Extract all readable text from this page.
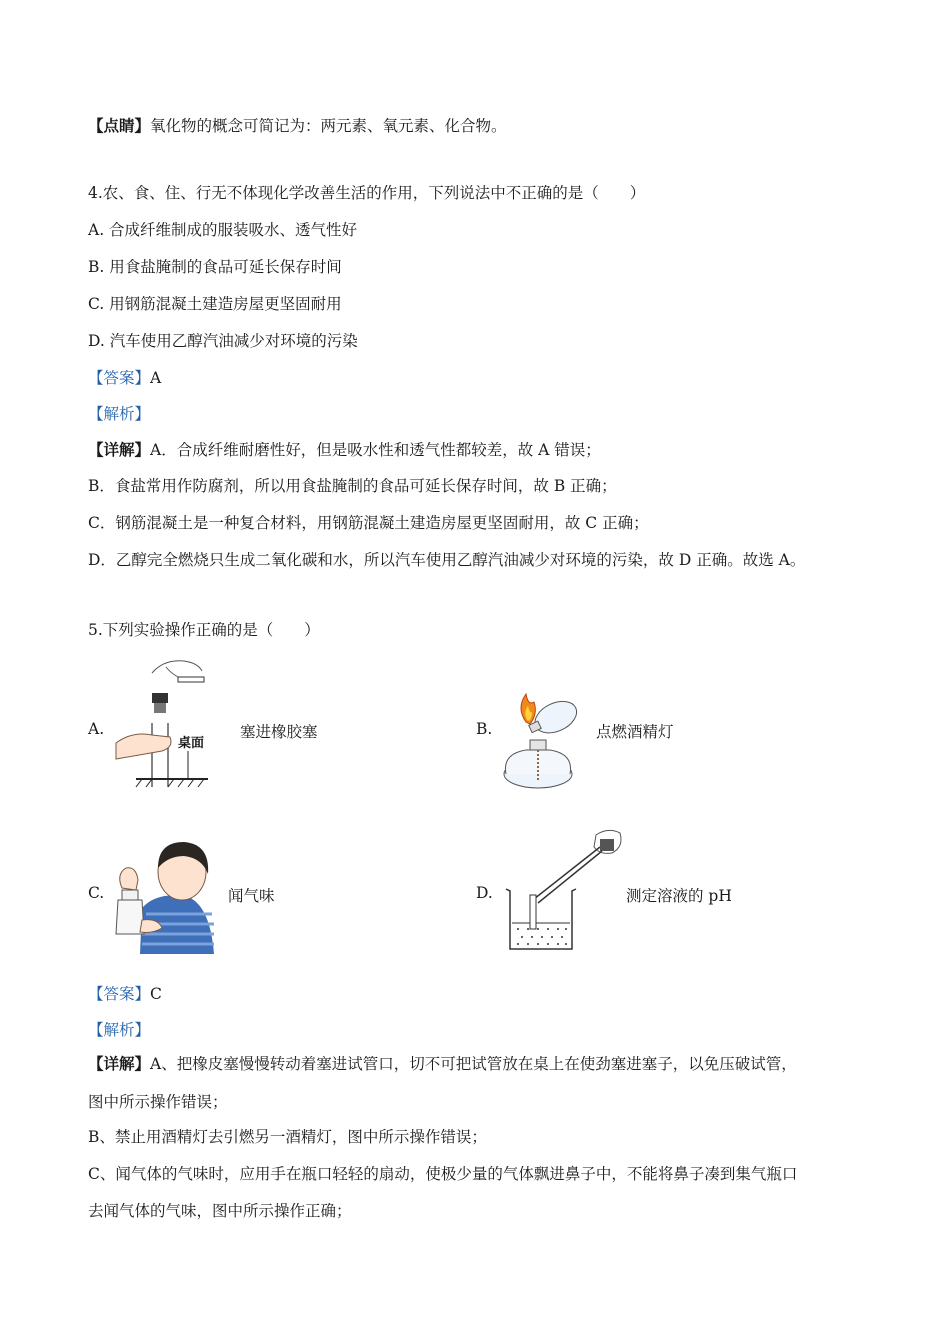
【点睛】氧化物的概念可简记为：两元素、氧元素、化合物。
4.农、食、住、行无不体现化学改善生活的作用，下列说法中不正确的是（　　）
A. 合成纤维制成的服装吸水、透气性好
B. 用食盐腌制的食品可延长保存时间
C. 用钢筋混凝土建造房屋更坚固耐用
D. 汽车使用乙醇汽油减少对环境的污染
【答案】A
【解析】
【详解】A．合成纤维耐磨性好，但是吸水性和透气性都较差，故 A 错误；
B．食盐常用作防腐剂，所以用食盐腌制的食品可延长保存时间，故 B 正确；
C．钢筋混凝土是一种复合材料，用钢筋混凝土建造房屋更坚固耐用，故 C 正确；
D．乙醇完全燃烧只生成二氧化碳和水，所以汽车使用乙醇汽油减少对环境的污染，故 D 正确。故选 A。
5.下列实验操作正确的是（　　）
A.
桌面
塞进橡胶塞	B.	点燃酒精灯
C.	闻气味	D.	测定溶液的 pH
【答案】C
【解析】
【详解】A、把橡皮塞慢慢转动着塞进试管口，切不可把试管放在桌上在使劲塞进塞子，以免压破试管，
图中所示操作错误；
B、禁止用酒精灯去引燃另一酒精灯，图中所示操作错误；
C、闻气体的气味时，应用手在瓶口轻轻的扇动，使极少量的气体飘进鼻子中，不能将鼻子凑到集气瓶口
去闻气体的气味，图中所示操作正确；
